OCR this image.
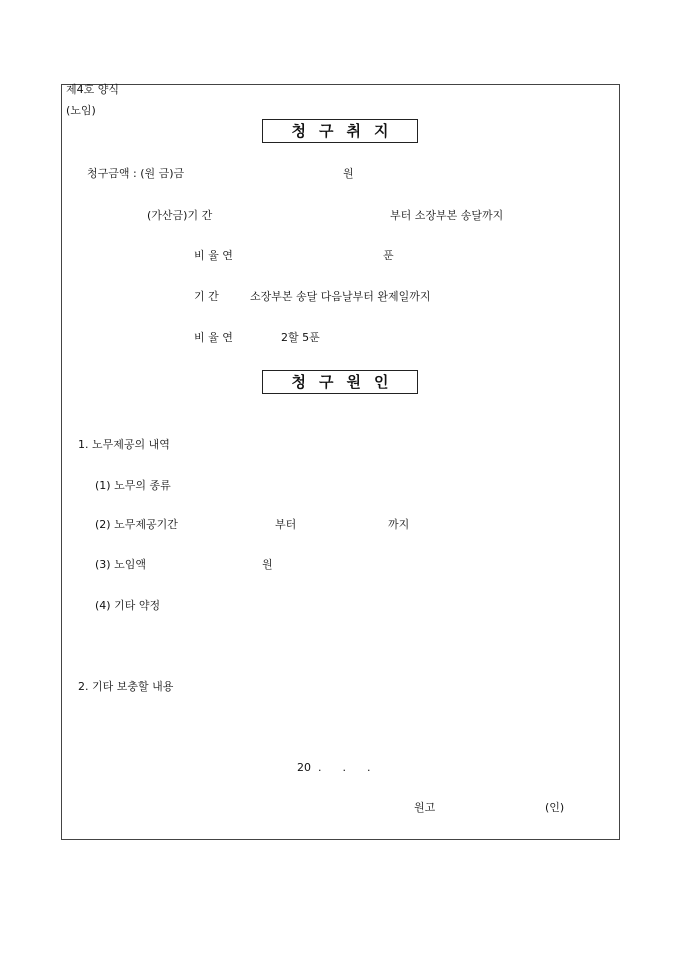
제4호 양식
(노임)
청구취지
청구금액 : (원 금)금	원
(가산금)기 간	부터 소장부본 송달까지
비 율 연	푼
기 간	소장부본 송달 다음날부터 완제일까지
비 율 연	2할 5푼
청구원인
1. 노무제공의 내역
(1) 노무의 종류
(2) 노무제공기간	부터	까지
(3) 노임액	원
(4) 기타 약정
2. 기타 보충할 내용
20  .      .      .
원고	(인)
